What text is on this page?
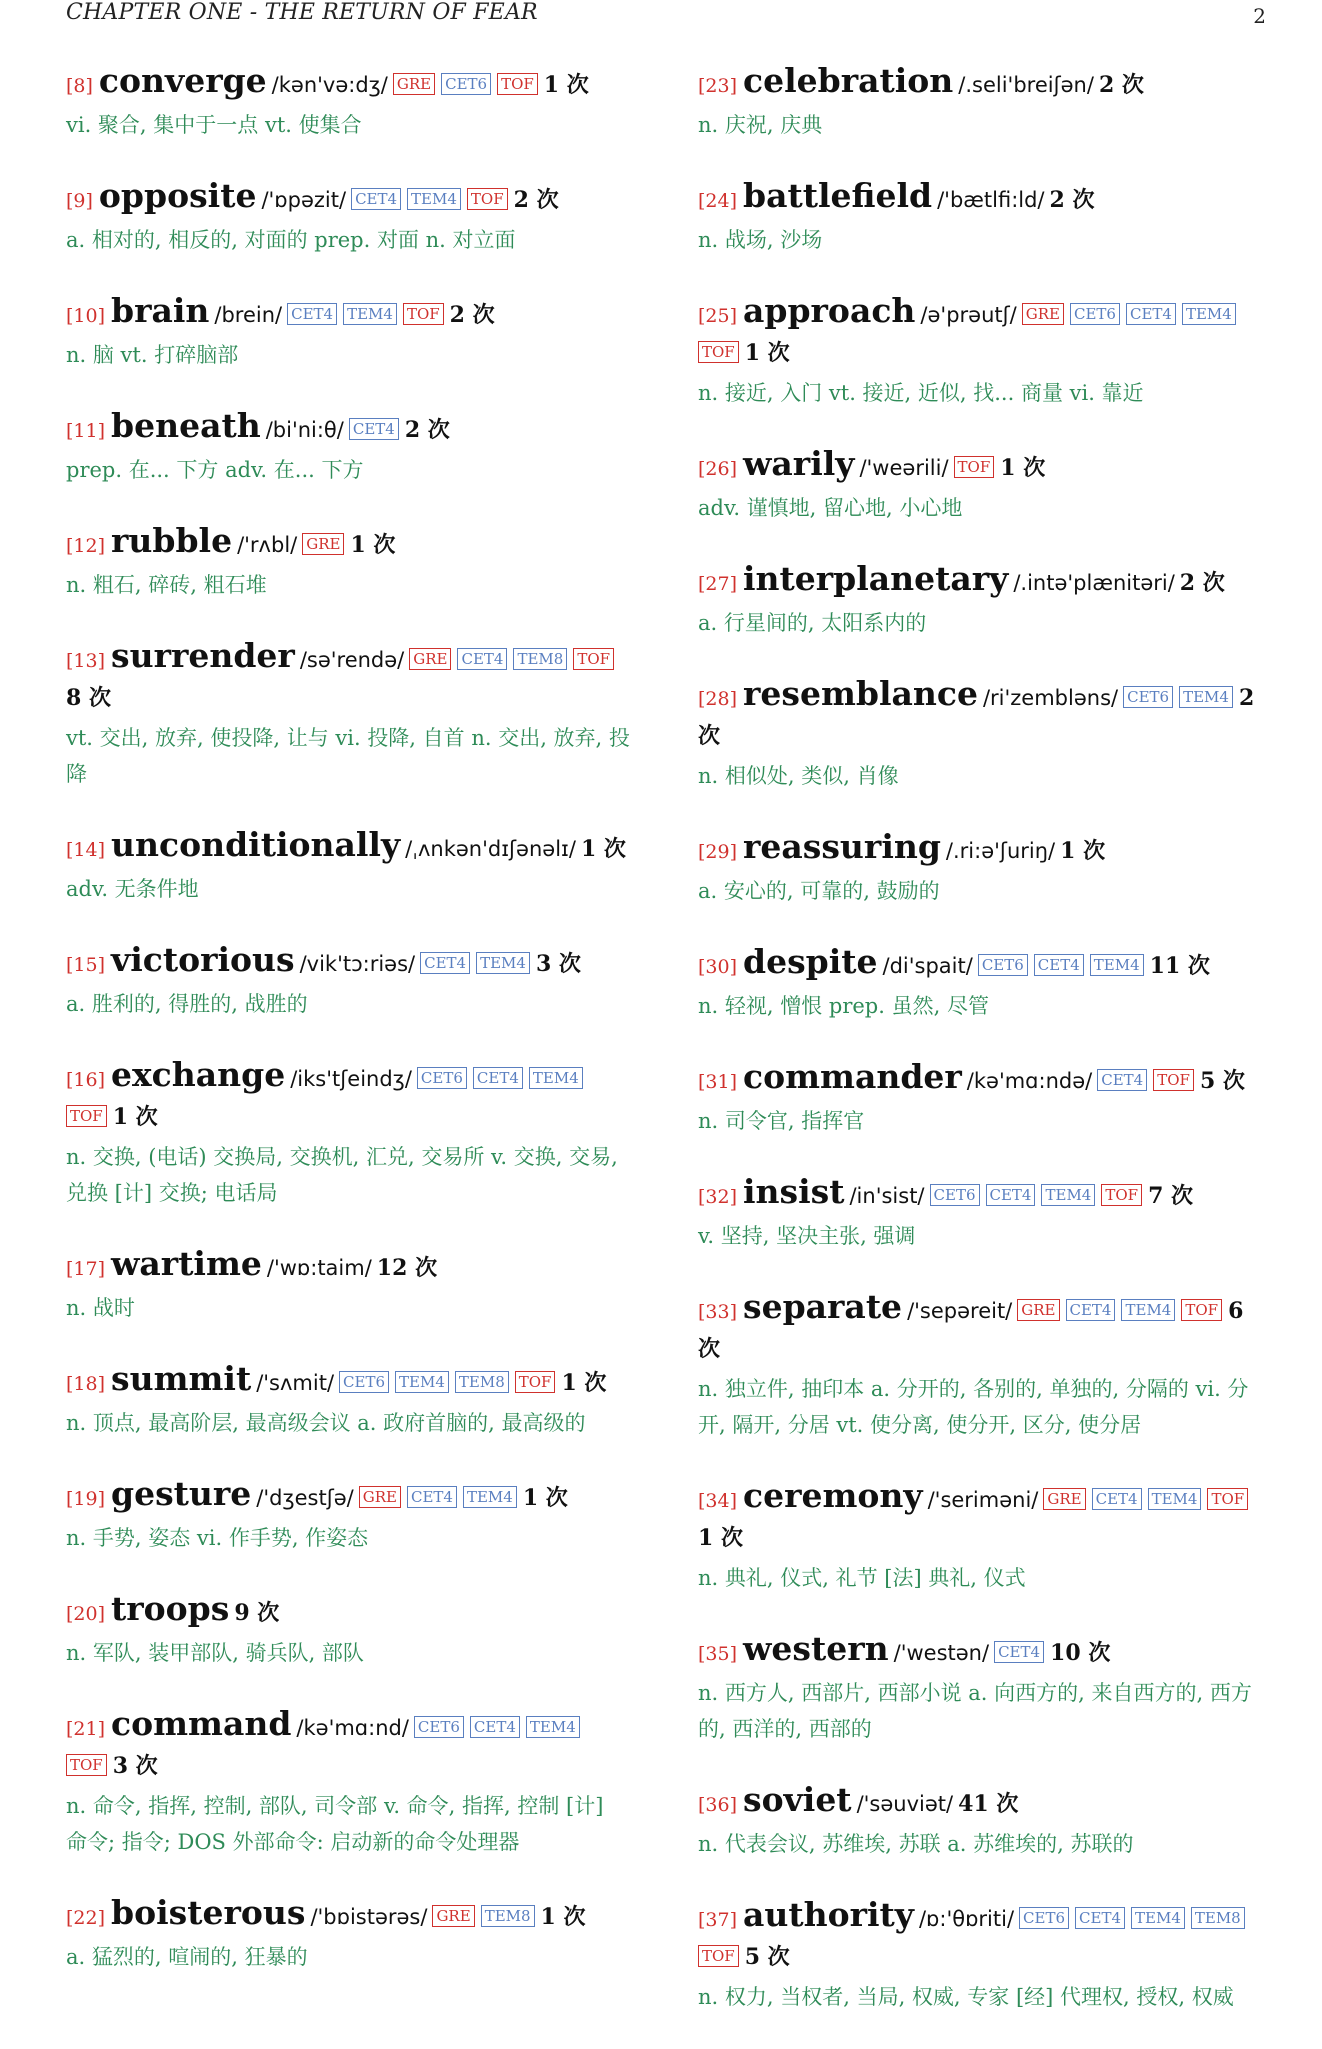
CHAPTER ONE - THE RETURN OF FEAR	2
[8] converge /kən'və:dʒ/ GRE CET6 TOF 1 次
vi. 聚合, 集中于一点 vt. 使集合
[9] opposite /'ɒpəzit/ CET4 TEM4 TOF 2 次
a. 相对的, 相反的, 对面的 prep. 对面 n. 对立面
[10] brain /brein/ CET4 TEM4 TOF 2 次
n. 脑 vt. 打碎脑部
[11] beneath /bi'ni:θ/ CET4 2 次
prep. 在... 下方 adv. 在... 下方
[12] rubble /'rʌbl/ GRE 1 次
n. 粗石, 碎砖, 粗石堆
[13] surrender /sə'rendə/ GRE CET4 TEM8 TOF8 次
vt. 交出, 放弃, 使投降, 让与 vi. 投降, 自首 n. 交出, 放弃, 投降
[14] unconditionally /ˌʌnkən'dɪʃənəlɪ/ 1 次
adv. 无条件地
[15] victorious /vik'tɔ:riəs/ CET4 TEM4 3 次
a. 胜利的, 得胜的, 战胜的
[16] exchange /iks'tʃeindʒ/ CET6 CET4 TEM4TOF 1 次
n. 交换, (电话) 交换局, 交换机, 汇兑, 交易所 v. 交换, 交易, 兑换 [计] 交换; 电话局
[17] wartime /'wɒ:taim/ 12 次
n. 战时
[18] summit /'sʌmit/ CET6 TEM4 TEM8 TOF 1 次
n. 顶点, 最高阶层, 最高级会议 a. 政府首脑的, 最高级的
[19] gesture /'dʒestʃə/ GRE CET4 TEM4 1 次
n. 手势, 姿态 vi. 作手势, 作姿态
[20] troops 9 次
n. 军队, 装甲部队, 骑兵队, 部队
[21] command /kə'mɑ:nd/ CET6 CET4 TEM4TOF 3 次
n. 命令, 指挥, 控制, 部队, 司令部 v. 命令, 指挥, 控制 [计] 命令; 指令; DOS 外部命令: 启动新的命令处理器
[22] boisterous /'bɒistərəs/ GRE TEM8 1 次
a. 猛烈的, 喧闹的, 狂暴的
[23] celebration /.seli'breiʃən/ 2 次
n. 庆祝, 庆典
[24] battlefield /'bætlfi:ld/ 2 次
n. 战场, 沙场
[25] approach /ə'prəutʃ/ GRE CET6 CET4 TEM4TOF 1 次
n. 接近, 入门 vt. 接近, 近似, 找... 商量 vi. 靠近
[26] warily /'weərili/ TOF 1 次
adv. 谨慎地, 留心地, 小心地
[27] interplanetary /.intə'plænitəri/ 2 次
a. 行星间的, 太阳系内的
[28] resemblance /ri'zembləns/ CET6 TEM4 2 次
n. 相似处, 类似, 肖像
[29] reassuring /.ri:ə'ʃuriŋ/ 1 次
a. 安心的, 可靠的, 鼓励的
[30] despite /di'spait/ CET6 CET4 TEM4 11 次
n. 轻视, 憎恨 prep. 虽然, 尽管
[31] commander /kə'mɑ:ndə/ CET4 TOF 5 次
n. 司令官, 指挥官
[32] insist /in'sist/ CET6 CET4 TEM4 TOF 7 次
v. 坚持, 坚决主张, 强调
[33] separate /'sepəreit/ GRE CET4 TEM4 TOF 6 次
n. 独立件, 抽印本 a. 分开的, 各别的, 单独的, 分隔的 vi. 分开, 隔开, 分居 vt. 使分离, 使分开, 区分, 使分居
[34] ceremony /'seriməni/ GRE CET4 TEM4 TOF1 次
n. 典礼, 仪式, 礼节 [法] 典礼, 仪式
[35] western /'westən/ CET4 10 次
n. 西方人, 西部片, 西部小说 a. 向西方的, 来自西方的, 西方的, 西洋的, 西部的
[36] soviet /'səuviət/ 41 次
n. 代表会议, 苏维埃, 苏联 a. 苏维埃的, 苏联的
[37] authority /ɒ:'θɒriti/ CET6 CET4 TEM4 TEM8TOF 5 次
n. 权力, 当权者, 当局, 权威, 专家 [经] 代理权, 授权, 权威
